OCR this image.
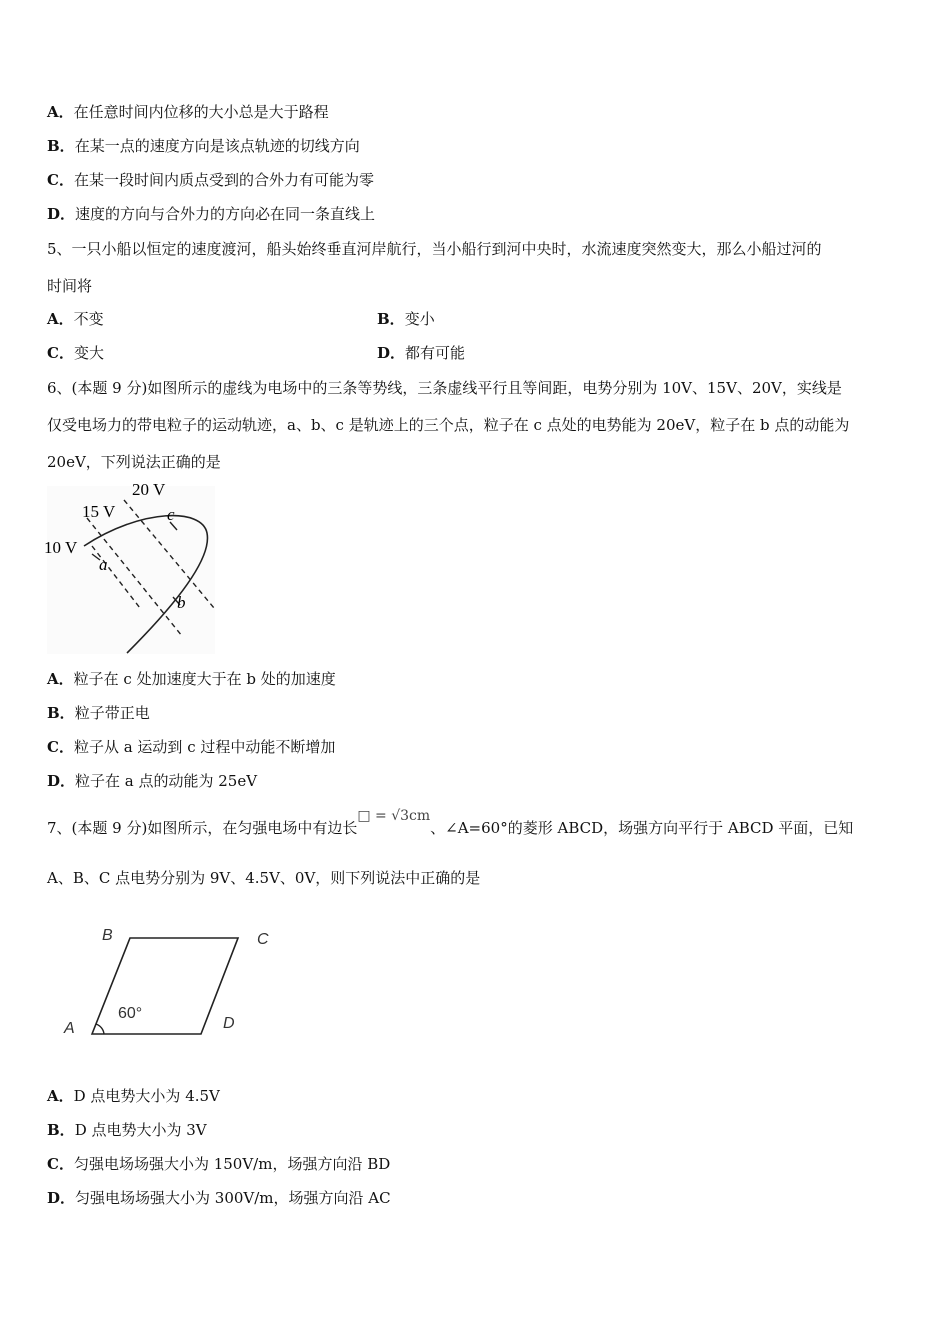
A．在任意时间内位移的大小总是大于路程
B．在某一点的速度方向是该点轨迹的切线方向
C．在某一段时间内质点受到的合外力有可能为零
D．速度的方向与合外力的方向必在同一条直线上
5、一只小船以恒定的速度渡河，船头始终垂直河岸航行，当小船行到河中央时，水流速度突然变大，那么小船过河的
时间将
A．不变	B．变小
C．变大	D．都有可能
6、(本题 9 分)如图所示的虚线为电场中的三条等势线，三条虚线平行且等间距，电势分别为 10V、15V、20V，实线是
仅受电场力的带电粒子的运动轨迹，a、b、c 是轨迹上的三个点，粒子在 c 点处的电势能为 20eV，粒子在 b 点的动能为
20eV，下列说法正确的是
10 V
15 V
20 V
a
b
c
A．粒子在 c 处加速度大于在 b 处的加速度
B．粒子带正电
C．粒子从 a 运动到 c 过程中动能不断增加
D．粒子在 a 点的动能为 25eV
7、(本题 9 分)如图所示，在匀强电场中有边长□ = √3cm、∠A=60°的菱形 ABCD，场强方向平行于 ABCD 平面，已知
A、B、C 点电势分别为 9V、4.5V、0V，则下列说法中正确的是
A
B	C
D
60°
A．D 点电势大小为 4.5V
B．D 点电势大小为 3V
C．匀强电场场强大小为 150V/m，场强方向沿 BD
D．匀强电场场强大小为 300V/m，场强方向沿 AC
